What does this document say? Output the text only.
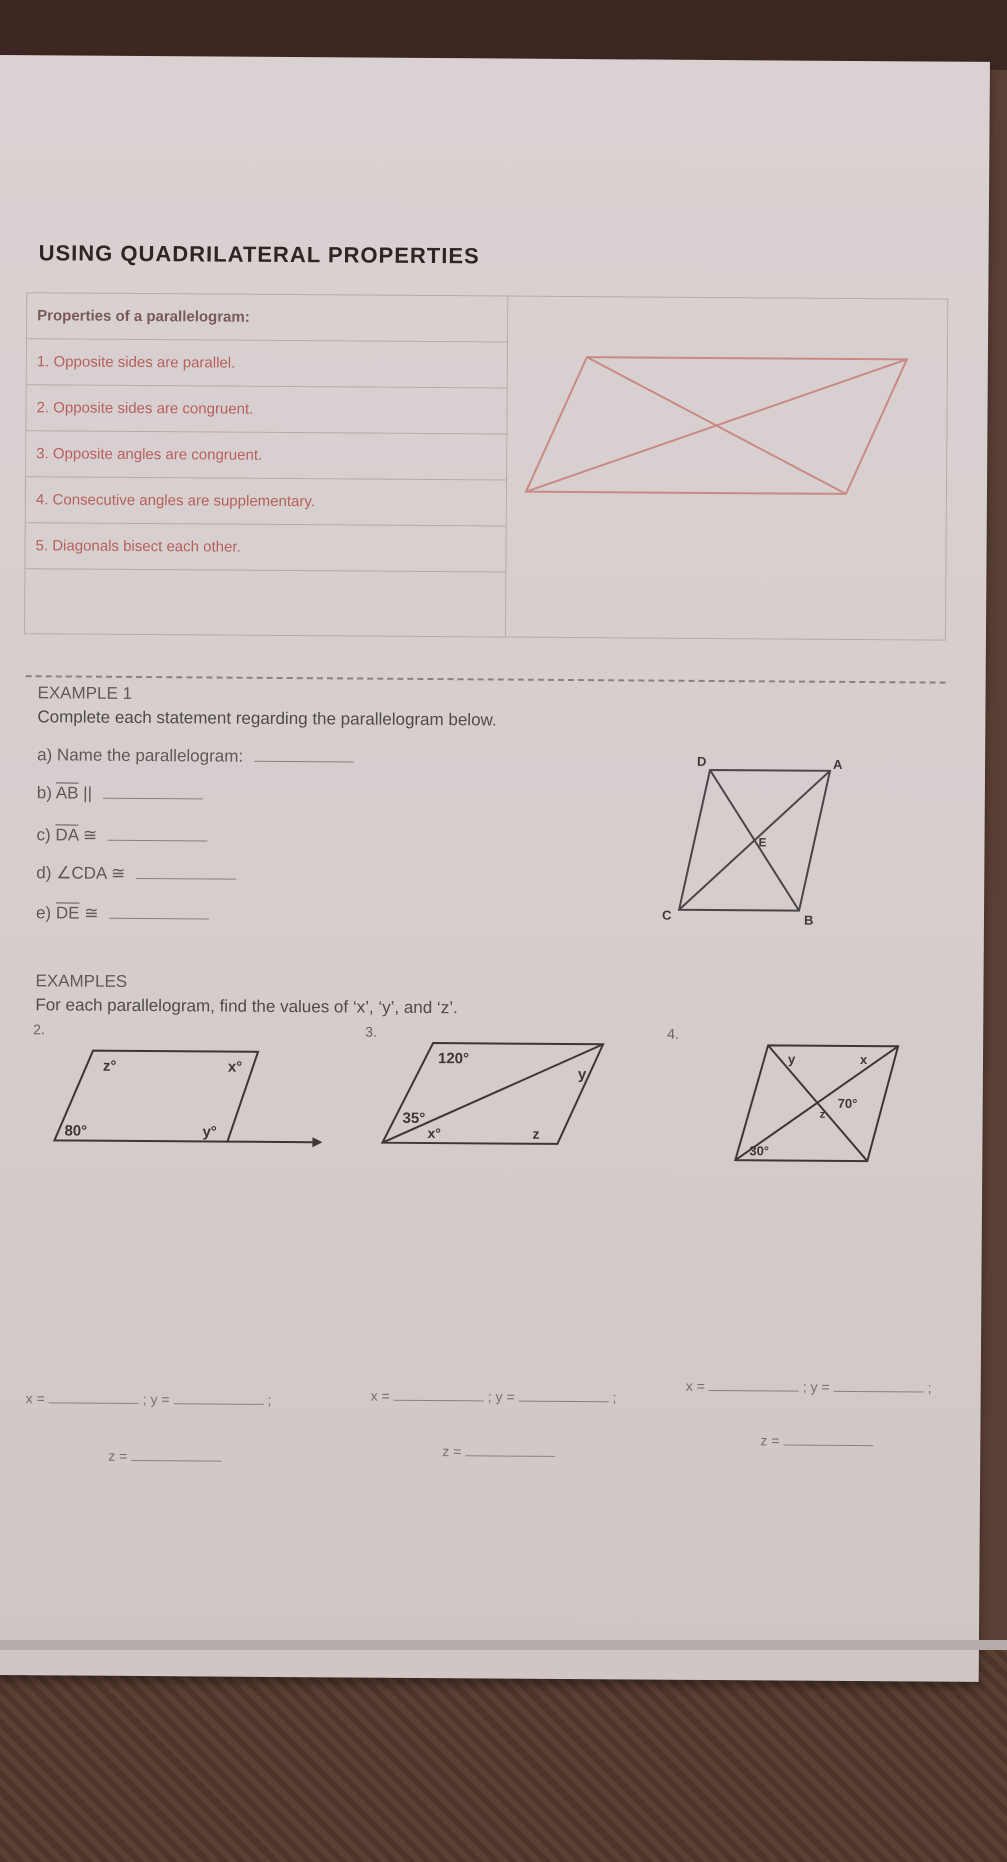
USING QUADRILATERAL PROPERTIES
Properties of a parallelogram:
1. Opposite sides are parallel.
2. Opposite sides are congruent.
3. Opposite angles are congruent.
4. Consecutive angles are supplementary.
5. Diagonals bisect each other.
EXAMPLE 1
Complete each statement regarding the parallelogram below.
a) Name the parallelogram:
b) $\overline{AB}$ ||
c) $\overline{DA}$ ≅
d) ∠CDA ≅
e) $\overline{DE}$ ≅
D	A
C	B
E
EXAMPLES
For each parallelogram, find the values of ‘x’, ‘y’, and ‘z’.
2.	3.	4.
z°	x°
80°	y°
120°
y
35°
x°	z
y	x
70°
z
30°
x =	; y =	;
z =
x =	; y =	;
z =
x =	; y =	;
z =
